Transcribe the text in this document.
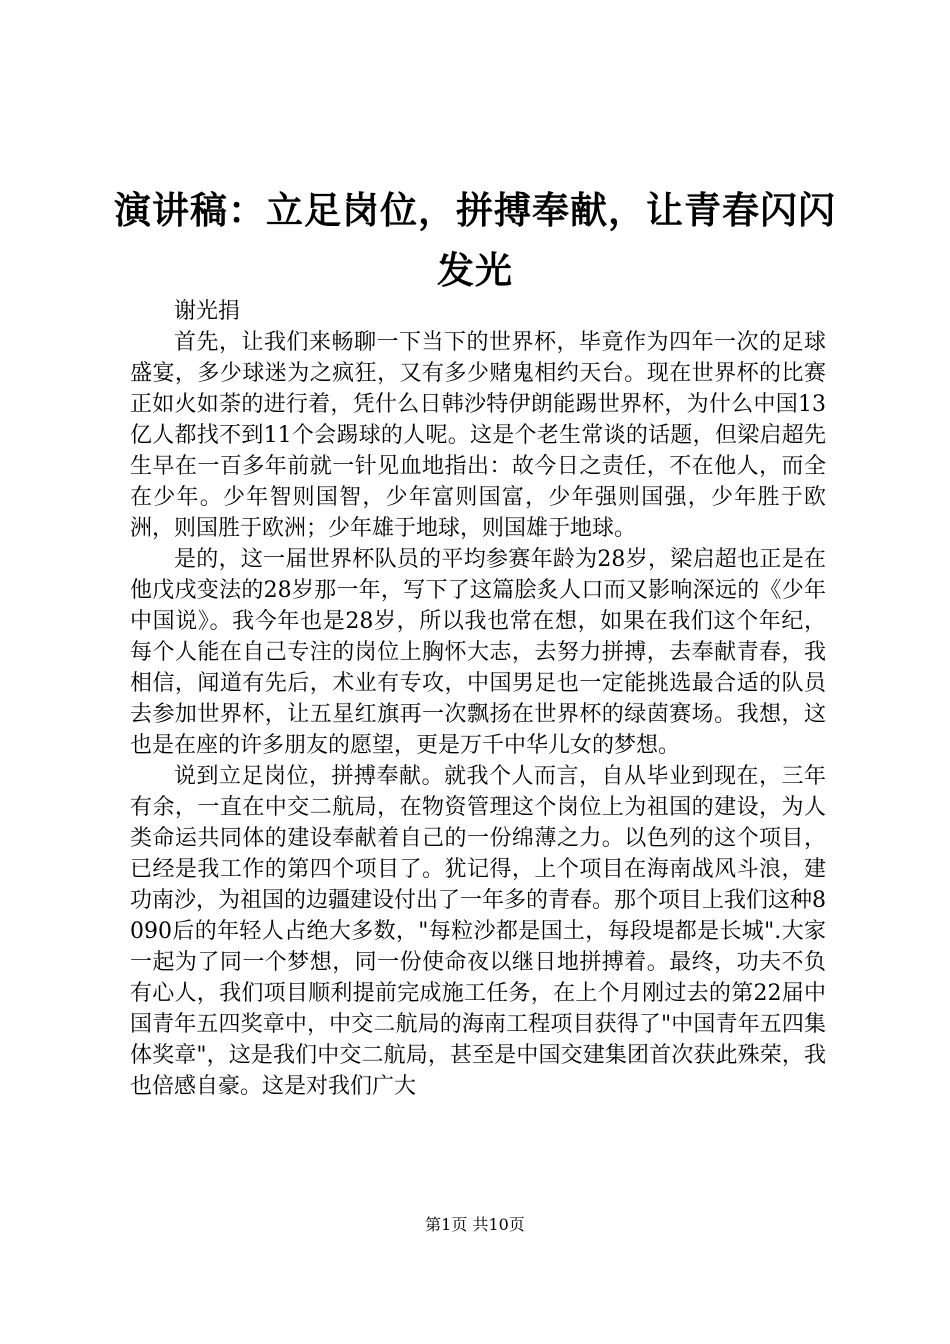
演讲稿：立足岗位，拼搏奉献，让青春闪闪发光

谢光捐

首先，让我们来畅聊一下当下的世界杯，毕竟作为四年一次的足球盛宴，多少球迷为之疯狂，又有多少赌鬼相约天台。现在世界杯的比赛正如火如荼的进行着，凭什么日韩沙特伊朗能踢世界杯，为什么中国13亿人都找不到11个会踢球的人呢。这是个老生常谈的话题，但梁启超先生早在一百多年前就一针见血地指出：故今日之责任，不在他人，而全在少年。少年智则国智，少年富则国富，少年强则国强，少年胜于欧洲，则国胜于欧洲；少年雄于地球，则国雄于地球。

是的，这一届世界杯队员的平均参赛年龄为28岁，梁启超也正是在他戊戌变法的28岁那一年，写下了这篇脍炙人口而又影响深远的《少年中国说》。我今年也是28岁，所以我也常在想，如果在我们这个年纪，每个人能在自己专注的岗位上胸怀大志，去努力拼搏，去奉献青春，我相信，闻道有先后，术业有专攻，中国男足也一定能挑选最合适的队员去参加世界杯，让五星红旗再一次飘扬在世界杯的绿茵赛场。我想，这也是在座的许多朋友的愿望，更是万千中华儿女的梦想。

说到立足岗位，拼搏奉献。就我个人而言，自从毕业到现在，三年有余，一直在中交二航局，在物资管理这个岗位上为祖国的建设，为人类命运共同体的建设奉献着自己的一份绵薄之力。以色列的这个项目，已经是我工作的第四个项目了。犹记得，上个项目在海南战风斗浪，建功南沙，为祖国的边疆建设付出了一年多的青春。那个项目上我们这种8090后的年轻人占绝大多数，"每粒沙都是国土，每段堤都是长城".大家一起为了同一个梦想，同一份使命夜以继日地拼搏着。最终，功夫不负有心人，我们项目顺利提前完成施工任务，在上个月刚过去的第22届中国青年五四奖章中，中交二航局的海南工程项目获得了"中国青年五四集体奖章"，这是我们中交二航局，甚至是中国交建集团首次获此殊荣，我也倍感自豪。这是对我们广大

第1页 共10页
